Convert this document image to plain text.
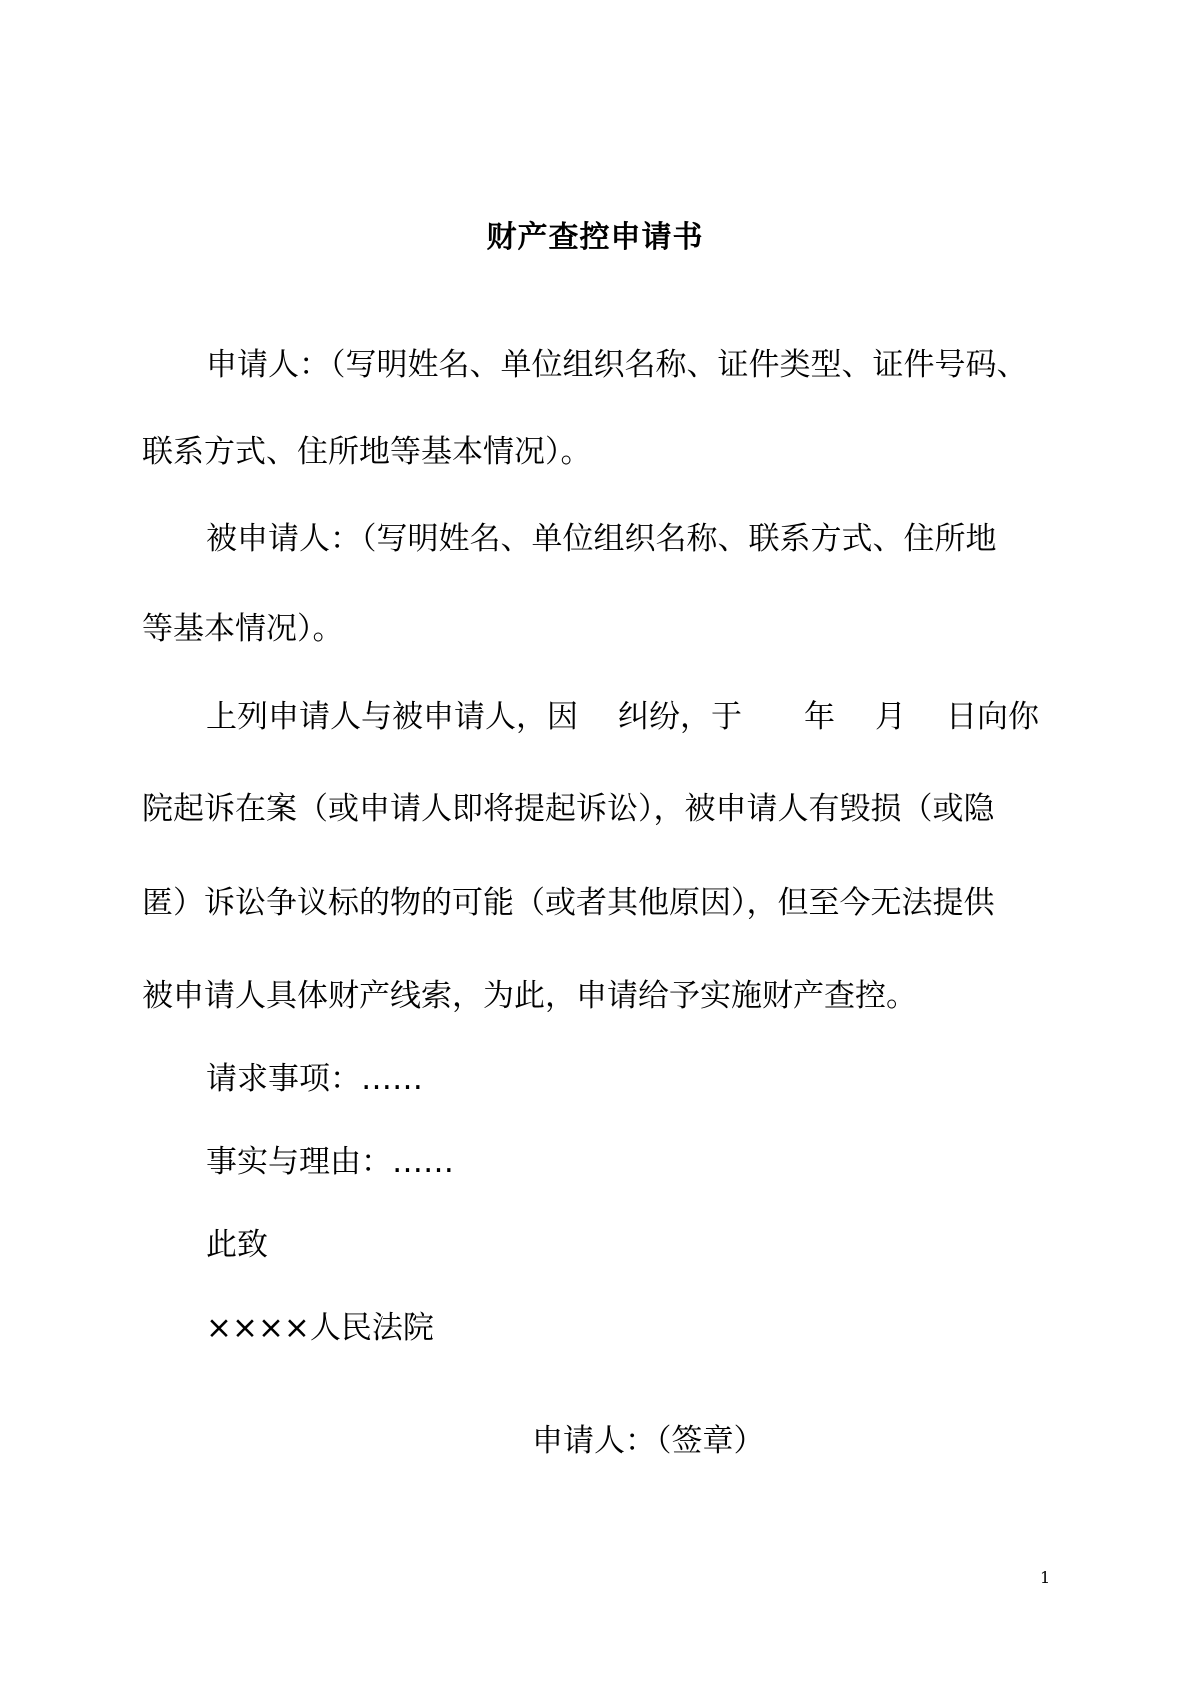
财产查控申请书
申请人：（写明姓名、单位组织名称、证件类型、证件号码、
联系方式、住所地等基本情况）。
被申请人：（写明姓名、单位组织名称、联系方式、住所地
等基本情况）。
上列申请人与被申请人，因 纠纷，于 年 月 日向你
院起诉在案（或申请人即将提起诉讼），被申请人有毁损（或隐
匿）诉讼争议标的物的可能（或者其他原因），但至今无法提供
被申请人具体财产线索，为此，申请给予实施财产查控。
请求事项：……
事实与理由：……
此致
××××人民法院
申请人：（签章）
1
